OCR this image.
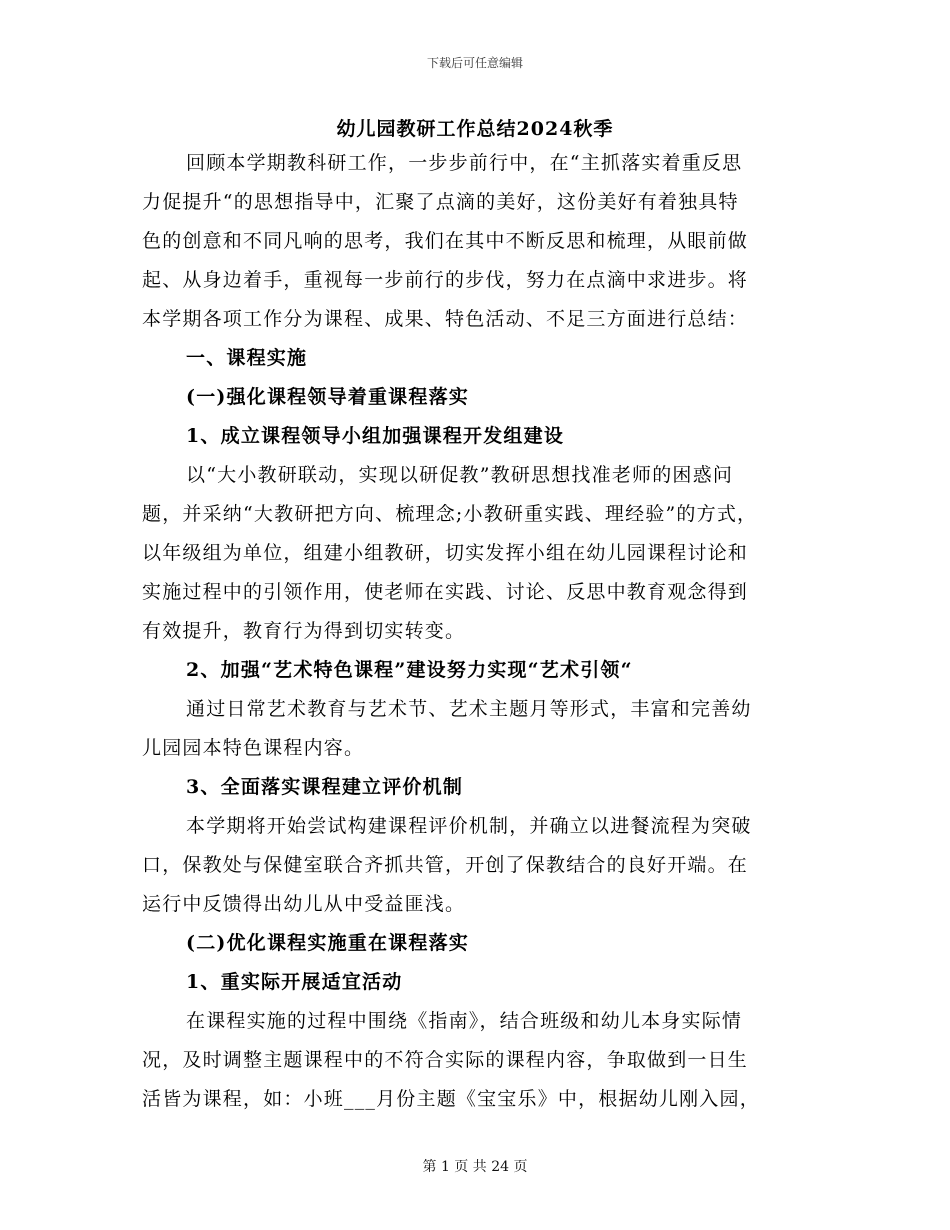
下载后可任意编辑
幼儿园教研工作总结2024秋季
回顾本学期教科研工作，一步步前行中，在“主抓落实着重反思
力促提升“的思想指导中，汇聚了点滴的美好，这份美好有着独具特
色的创意和不同凡响的思考，我们在其中不断反思和梳理，从眼前做
起、从身边着手，重视每一步前行的步伐，努力在点滴中求进步。将
本学期各项工作分为课程、成果、特色活动、不足三方面进行总结：
一、课程实施
(一)强化课程领导着重课程落实
1、成立课程领导小组加强课程开发组建设
以“大小教研联动，实现以研促教”教研思想找准老师的困惑问
题，并采纳“大教研把方向、梳理念;小教研重实践、理经验”的方式，
以年级组为单位，组建小组教研，切实发挥小组在幼儿园课程讨论和
实施过程中的引领作用，使老师在实践、讨论、反思中教育观念得到
有效提升，教育行为得到切实转变。
2、加强“艺术特色课程”建设努力实现“艺术引领“
通过日常艺术教育与艺术节、艺术主题月等形式，丰富和完善幼
儿园园本特色课程内容。
3、全面落实课程建立评价机制
本学期将开始尝试构建课程评价机制，并确立以进餐流程为突破
口，保教处与保健室联合齐抓共管，开创了保教结合的良好开端。在
运行中反馈得出幼儿从中受益匪浅。
(二)优化课程实施重在课程落实
1、重实际开展适宜活动
在课程实施的过程中围绕《指南》，结合班级和幼儿本身实际情
况，及时调整主题课程中的不符合实际的课程内容，争取做到一日生
活皆为课程，如：小班___月份主题《宝宝乐》中，根据幼儿刚入园，
第 1 页 共 24 页
